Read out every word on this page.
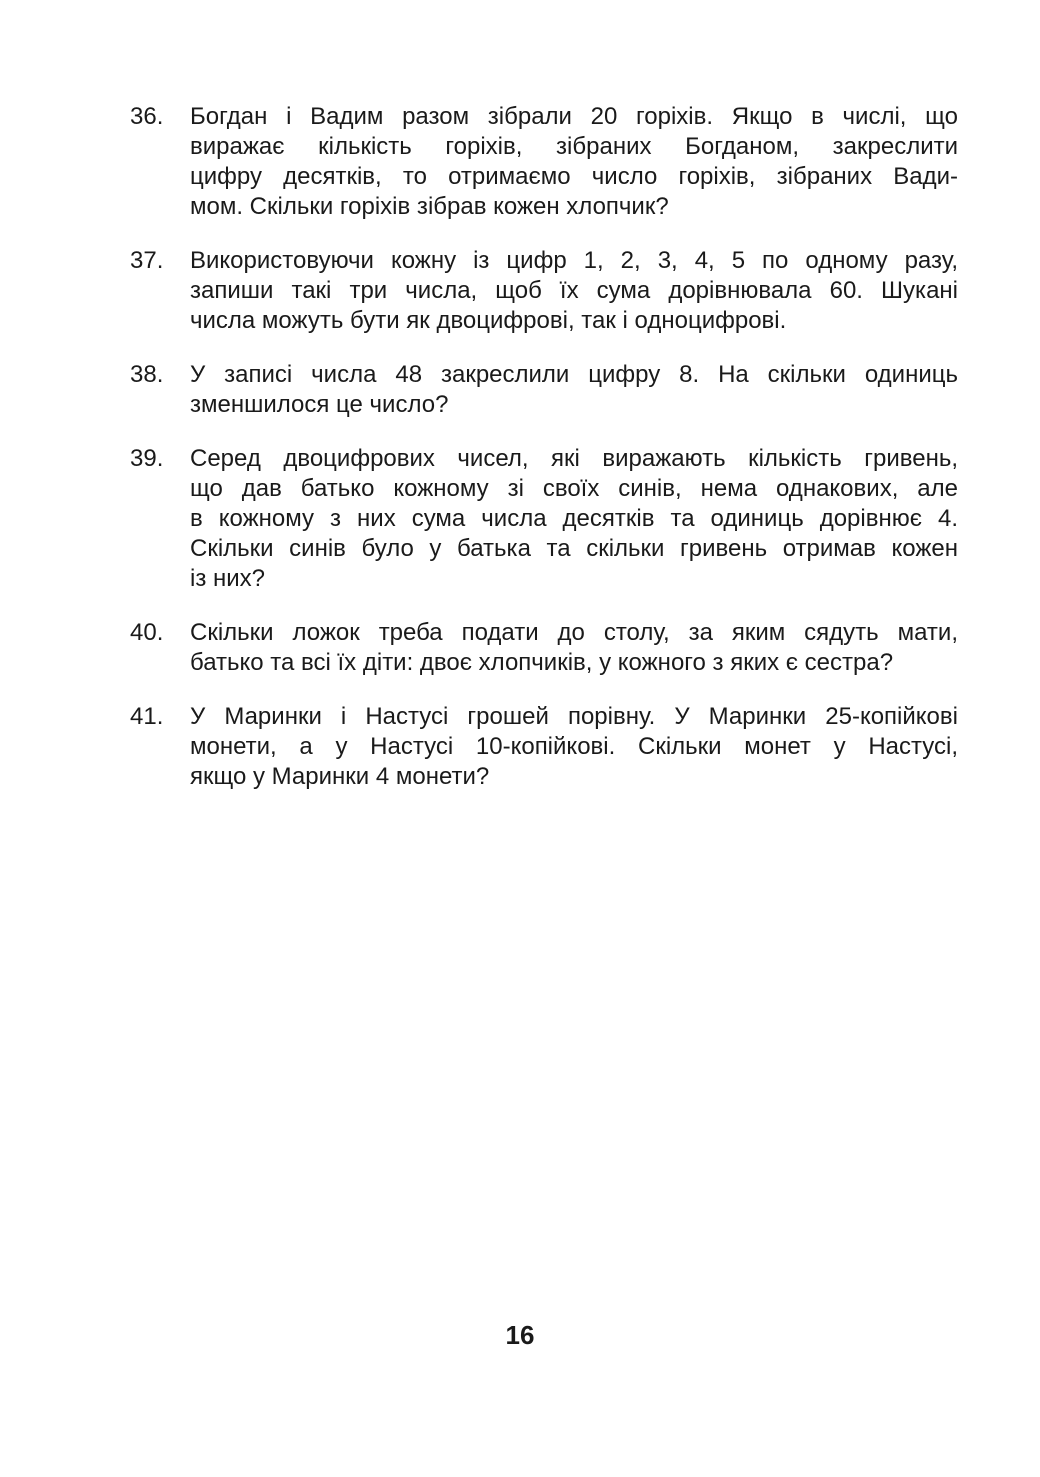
36.	Богдан і Вадим разом зібрали 20 горіхів. Якщо в числі, що
виражає кількість горіхів, зібраних Богданом, закреслити
цифру десятків, то отримаємо число горіхів, зібраних Вади-
мом. Скільки горіхів зібрав кожен хлопчик?
37.	Використовуючи кожну із цифр 1, 2, 3, 4, 5 по одному разу,
запиши такі три числа, щоб їх сума дорівнювала 60. Шукані
числа можуть бути як двоцифрові, так і одноцифрові.
38.	У записі числа 48 закреслили цифру 8. На скільки одиниць
зменшилося це число?
39.	Серед двоцифрових чисел, які виражають кількість гривень,
що дав батько кожному зі своїх синів, нема однакових, але
в кожному з них сума числа десятків та одиниць дорівнює 4.
Скільки синів було у батька та скільки гривень отримав кожен
із них?
40.	Скільки ложок треба подати до столу, за яким сядуть мати,
батько та всі їх діти: двоє хлопчиків, у кожного з яких є сестра?
41.	У Маринки і Настусі грошей порівну. У Маринки 25-копійкові
монети, а у Настусі 10-копійкові. Скільки монет у Настусі,
якщо у Маринки 4 монети?
16
